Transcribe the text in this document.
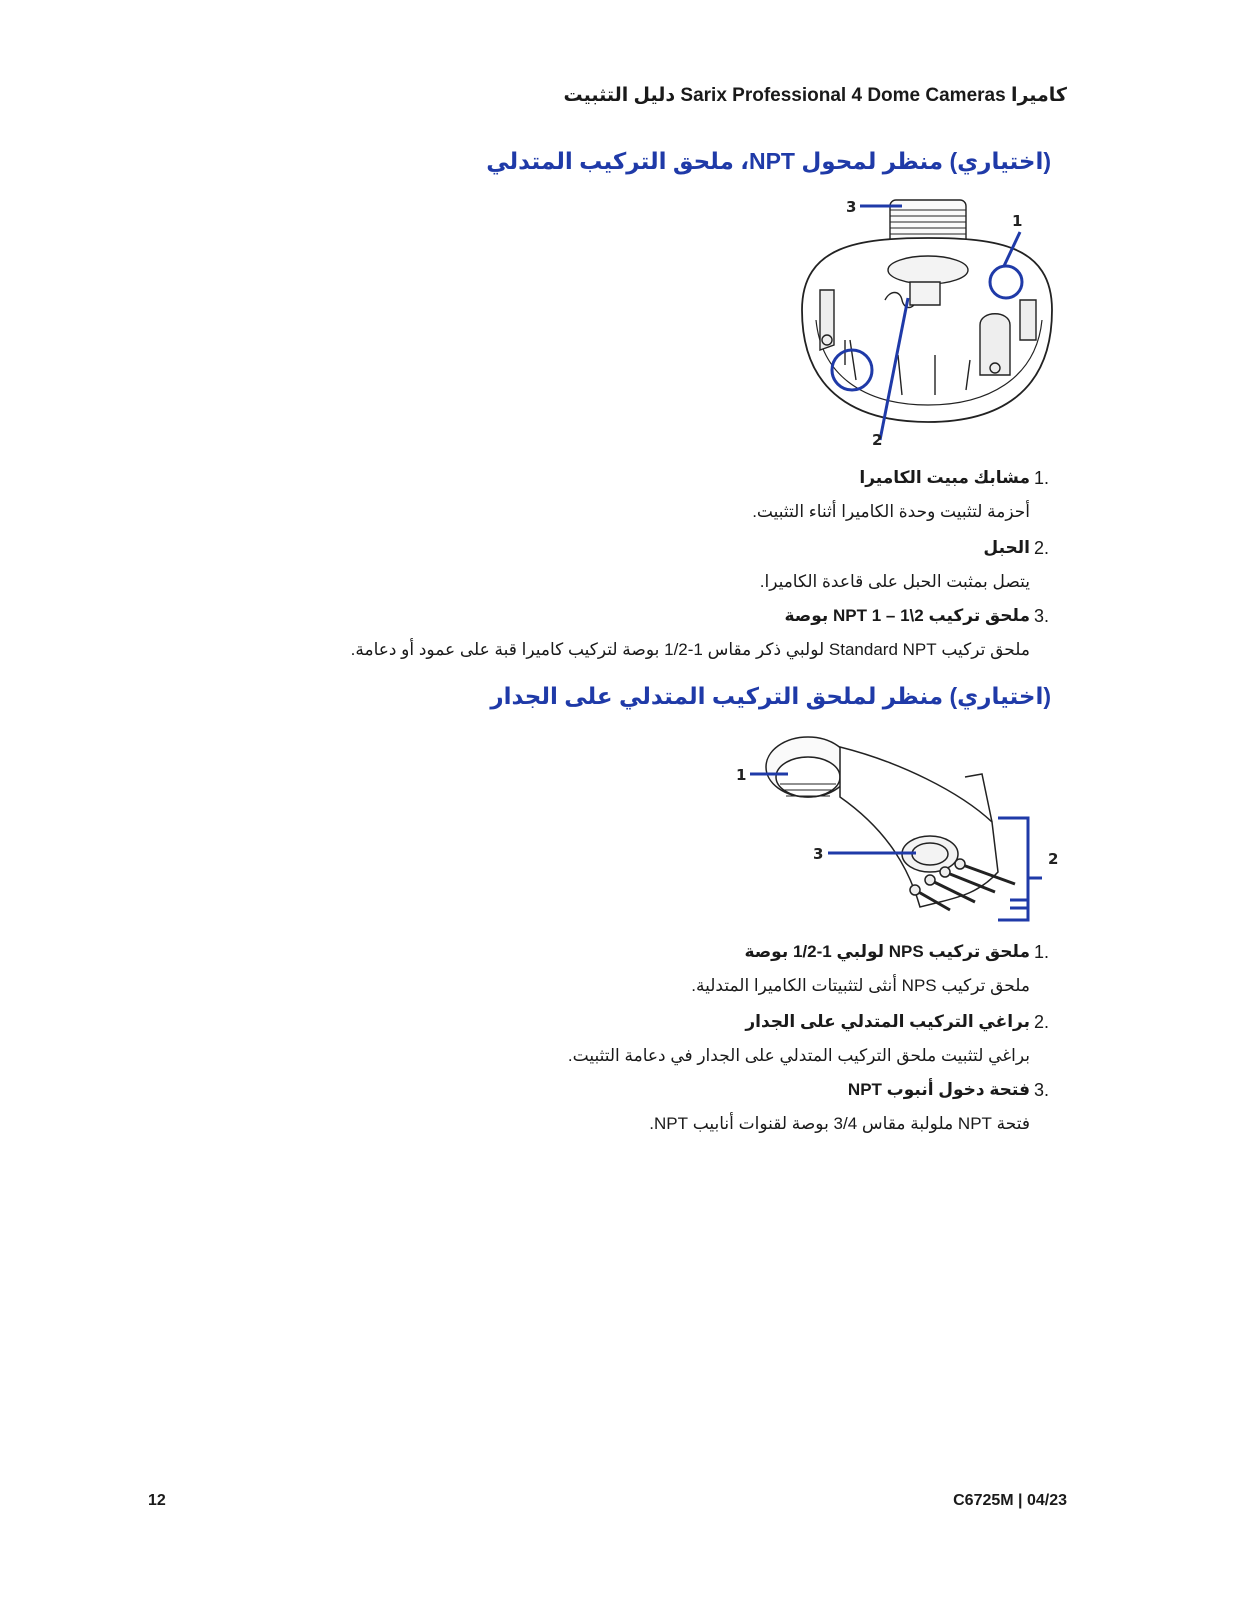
كاميرا Sarix Professional 4 Dome Cameras دليل التثبيت
(اختياري) منظر لمحول NPT، ملحق التركيب المتدلي
3
1
2
.1
مشابك مبيت الكاميرا
أحزمة لتثبيت وحدة الكاميرا أثناء التثبيت.
.2
الحبل
يتصل بمثبت الحبل على قاعدة الكاميرا.
.3
ملحق تركيب NPT 1 – 1\2 بوصة
ملحق تركيب Standard NPT لولبي ذكر مقاس 1-1/2 بوصة لتركيب كاميرا قبة على عمود أو دعامة.
(اختياري) منظر لملحق التركيب المتدلي على الجدار
1
3	2
.1
ملحق تركيب NPS لولبي 1-1/2 بوصة
ملحق تركيب NPS أنثى لتثبيتات الكاميرا المتدلية.
.2
براغي التركيب المتدلي على الجدار
براغي لتثبيت ملحق التركيب المتدلي على الجدار في دعامة التثبيت.
.3
فتحة دخول أنبوب NPT
فتحة NPT ملولبة مقاس 3/4 بوصة لقنوات أنابيب NPT.
12	C6725M | 04/23
